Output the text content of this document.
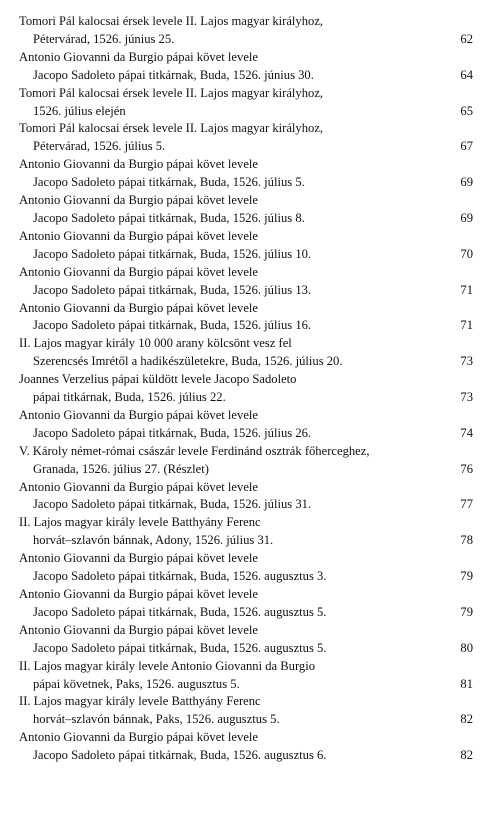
Tomori Pál kalocsai érsek levele II. Lajos magyar királyhoz,
Pétervárad, 1526. június 25.	62
Antonio Giovanni da Burgio pápai követ levele
Jacopo Sadoleto pápai titkárnak, Buda, 1526. június 30.	64
Tomori Pál kalocsai érsek levele II. Lajos magyar királyhoz,
1526. július elején	65
Tomori Pál kalocsai érsek levele II. Lajos magyar királyhoz,
Pétervárad, 1526. július 5.	67
Antonio Giovanni da Burgio pápai követ levele
Jacopo Sadoleto pápai titkárnak, Buda, 1526. július 5.	69
Antonio Giovanni da Burgio pápai követ levele
Jacopo Sadoleto pápai titkárnak, Buda, 1526. július 8.	69
Antonio Giovanni da Burgio pápai követ levele
Jacopo Sadoleto pápai titkárnak, Buda, 1526. július 10.	70
Antonio Giovanni da Burgio pápai követ levele
Jacopo Sadoleto pápai titkárnak, Buda, 1526. július 13.	71
Antonio Giovanni da Burgio pápai követ levele
Jacopo Sadoleto pápai titkárnak, Buda, 1526. július 16.	71
II. Lajos magyar király 10 000 arany kölcsönt vesz fel
Szerencsés Imrétől a hadikészületekre, Buda, 1526. július 20.	73
Joannes Verzelius pápai küldött levele Jacopo Sadoleto
pápai titkárnak, Buda, 1526. július 22.	73
Antonio Giovanni da Burgio pápai követ levele
Jacopo Sadoleto pápai titkárnak, Buda, 1526. július 26.	74
V. Károly német-római császár levele Ferdinánd osztrák főherceghez,
Granada, 1526. július 27. (Részlet)	76
Antonio Giovanni da Burgio pápai követ levele
Jacopo Sadoleto pápai titkárnak, Buda, 1526. július 31.	77
II. Lajos magyar király levele Batthyány Ferenc
horvát–szlavón bánnak, Adony, 1526. július 31.	78
Antonio Giovanni da Burgio pápai követ levele
Jacopo Sadoleto pápai titkárnak, Buda, 1526. augusztus 3.	79
Antonio Giovanni da Burgio pápai követ levele
Jacopo Sadoleto pápai titkárnak, Buda, 1526. augusztus 5.	79
Antonio Giovanni da Burgio pápai követ levele
Jacopo Sadoleto pápai titkárnak, Buda, 1526. augusztus 5.	80
II. Lajos magyar király levele Antonio Giovanni da Burgio
pápai követnek, Paks, 1526. augusztus 5.	81
II. Lajos magyar király levele Batthyány Ferenc
horvát–szlavón bánnak, Paks, 1526. augusztus 5.	82
Antonio Giovanni da Burgio pápai követ levele
Jacopo Sadoleto pápai titkárnak, Buda, 1526. augusztus 6.	82
